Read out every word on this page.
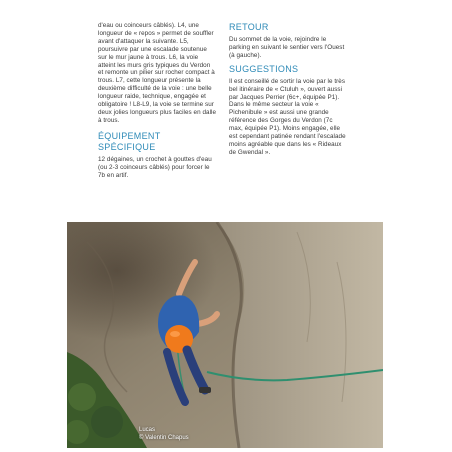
d'eau ou coinceurs câblés). L4, une longueur de « repos » permet de souffler avant d'attaquer la suivante. L5, poursuivre par une escalade soutenue sur le mur jaune à trous. L6, la voie atteint les murs gris typiques du Verdon et remonte un pilier sur rocher compact à trous. L7, cette longueur présente la deuxième difficulté de la voie : une belle longueur raide, technique, engagée et obligatoire ! L8-L9, la voie se termine sur deux jolies longueurs plus faciles en dalle à trous.

ÉQUIPEMENT SPÉCIFIQUE

12 dégaines, un crochet à gouttes d'eau (ou 2-3 coinceurs câblés) pour forcer le 7b en artif.

RETOUR

Du sommet de la voie, rejoindre le parking en suivant le sentier vers l'Ouest (à gauche).

SUGGESTIONS

Il est conseillé de sortir la voie par le très bel itinéraire de « Ctuluh », ouvert aussi par Jacques Perrier (6c+, équipée P1). Dans le même secteur la voie « Pichenibule » est aussi une grande référence des Gorges du Verdon (7c max, équipée P1). Moins engagée, elle est cependant patinée rendant l'escalade moins agréable que dans les « Rideaux de Gwendal ».

Lucas
© Valentin Chapus
